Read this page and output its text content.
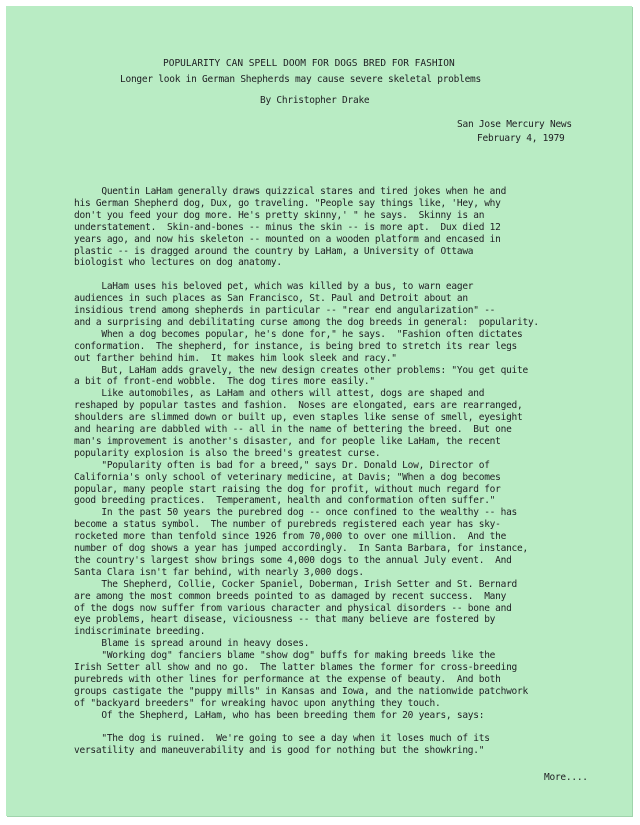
POPULARITY CAN SPELL DOOM FOR DOGS BRED FOR FASHION
Longer look in German Shepherds may cause severe skeletal problems
By Christopher Drake
San Jose Mercury News
February 4, 1979
Quentin LaHam generally draws quizzical stares and tired jokes when he and
his German Shepherd dog, Dux, go traveling. "People say things like, 'Hey, why
don't you feed your dog more. He's pretty skinny,' " he says.  Skinny is an
understatement.  Skin-and-bones -- minus the skin -- is more apt.  Dux died 12
years ago, and now his skeleton -- mounted on a wooden platform and encased in
plastic -- is dragged around the country by LaHam, a University of Ottawa
biologist who lectures on dog anatomy.
LaHam uses his beloved pet, which was killed by a bus, to warn eager
audiences in such places as San Francisco, St. Paul and Detroit about an
insidious trend among shepherds in particular -- "rear end angularization" --
and a surprising and debilitating curse among the dog breeds in general:  popularity.
When a dog becomes popular, he's done for," he says.  "Fashion often dictates
conformation.  The shepherd, for instance, is being bred to stretch its rear legs
out farther behind him.  It makes him look sleek and racy."
But, LaHam adds gravely, the new design creates other problems: "You get quite
a bit of front-end wobble.  The dog tires more easily."
Like automobiles, as LaHam and others will attest, dogs are shaped and
reshaped by popular tastes and fashion.  Noses are elongated, ears are rearranged,
shoulders are slimmed down or built up, even staples like sense of smell, eyesight
and hearing are dabbled with -- all in the name of bettering the breed.  But one
man's improvement is another's disaster, and for people like LaHam, the recent
popularity explosion is also the breed's greatest curse.
"Popularity often is bad for a breed," says Dr. Donald Low, Director of
California's only school of veterinary medicine, at Davis; "When a dog becomes
popular, many people start raising the dog for profit, without much regard for
good breeding practices.  Temperament, health and conformation often suffer."
In the past 50 years the purebred dog -- once confined to the wealthy -- has
become a status symbol.  The number of purebreds registered each year has sky-
rocketed more than tenfold since 1926 from 70,000 to over one million.  And the
number of dog shows a year has jumped accordingly.  In Santa Barbara, for instance,
the country's largest show brings some 4,000 dogs to the annual July event.  And
Santa Clara isn't far behind, with nearly 3,000 dogs.
The Shepherd, Collie, Cocker Spaniel, Doberman, Irish Setter and St. Bernard
are among the most common breeds pointed to as damaged by recent success.  Many
of the dogs now suffer from various character and physical disorders -- bone and
eye problems, heart disease, viciousness -- that many believe are fostered by
indiscriminate breeding.
Blame is spread around in heavy doses.
"Working dog" fanciers blame "show dog" buffs for making breeds like the
Irish Setter all show and no go.  The latter blames the former for cross-breeding
purebreds with other lines for performance at the expense of beauty.  And both
groups castigate the "puppy mills" in Kansas and Iowa, and the nationwide patchwork
of "backyard breeders" for wreaking havoc upon anything they touch.
Of the Shepherd, LaHam, who has been breeding them for 20 years, says:
"The dog is ruined.  We're going to see a day when it loses much of its
versatility and maneuverability and is good for nothing but the showkring."
More....
